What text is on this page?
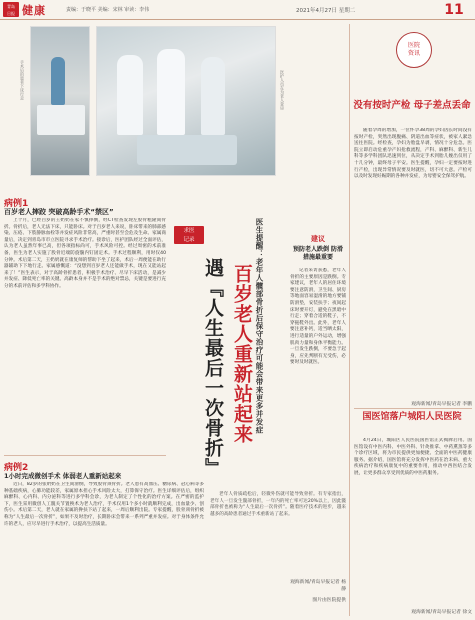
青岛
日报 健康	责编：于晓平 美编：宋林 审读：李伟	2021年4月27日 星期二	11
手术后的患者下床行走	医护人员在为老人查房
病例1
百岁老人摔跤 突破高龄手术“禁区”
上个月，已经百岁的王奶奶在家不慎摔倒，经CT检查发现左股骨粗隆间骨折。骨折后，老人无法下床，只能卧床。对于百岁老人来说，卧床带来的肺部感染、压疮、下肢静脉血栓等并发症风险非常高，严重时甚至会危及生命。家属商量后，决定到青岛市市立医院寻求手术治疗。接诊后，医护团队经过全面评估，认为老人虽然年事已高，但各项指标尚可，手术风险可控。经过周密的术前准备，医生为老人实施了股骨近端防旋髓内钉固定术。手术过程顺利，用时仅40分钟。术后第二天，王奶奶就在康复师的帮助下坐了起来，术后一周便能在助行器辅助下下地行走。家属感慨道：“没想到百岁老人还能做手术，现在又能站起来了！”医生表示，对于高龄骨折患者，积极手术治疗、尽早下床活动，是减少并发症、降低死亡率的关键。高龄本身并不是手术的绝对禁忌，关键是要进行充分的术前评估和多学科协作。
病例2
1小时完成微创手术 体弱老人重新站起来
近日，82岁的张奶奶在卫生间滑倒，导致股骨颈骨折。老人患有高血压、糖尿病、冠心病等多种基础疾病，心肺功能较差，家属原本担心手术风险太大，打算保守治疗。医生详细评估后，组织麻醉科、心内科、内分泌科等进行多学科会诊，为老人制定了个性化的治疗方案。在严密的监护下，医生采用微创人工髋关节置换术为老人治疗，手术仅用1个多小时就顺利完成，出血量少、创伤小。术后第二天，老人就在家属的搀扶下站了起来，一周后顺利出院。专家提醒，股骨颈骨折被称为“人生最后一次骨折”，如果不及时治疗，长期卧床会带来一系列严重并发症。对于身体条件允许的老人，应尽早进行手术治疗，以提高生活质量。
求医
记录	医生提醒：老年人髋部骨折后保守治疗可能会带来更多并发症
百岁老人重新站起来
遇『人生最后一次骨折』
老年人骨质疏松后，轻微外伤就可能导致骨折。有专家指出，老年人一旦发生髋部骨折，一年内的死亡率可达20%以上，因此髋部骨折也被称为“人生最后一次骨折”。随着医疗技术的进步，越来越多的高龄患者通过手术重新站了起来。
建议
预防老人跌倒 防滑措施最重要
记者采访获悉，老年人骨折的主要原因是跌倒。专家建议，老年人的居住环境要注意防滑，卫生间、厨房等地面容易湿滑的地方要铺防滑垫，安装扶手；夜间起床时要开灯，避免在黑暗中行走；穿着合适的鞋子，不穿拖鞋外出。此外，老年人要注意补钙，适当晒太阳，进行适量的户外运动，增强肌肉力量和身体平衡能力。一旦发生跌倒，不要急于起身，应先判断有无受伤，必要时及时就医。
观海新闻/青岛早报记者 杨静
图片由医院提供
医院
资讯
没有按时产检 母子差点丢命
随着孕周的增加，一位怀孕38周的孕妇因长时间没有按时产检，突然出现腹痛、阴道出血等症状，被家人紧急送往医院。经检查，孕妇为胎盘早剥，情况十分危急。医院立即启动危重孕产妇抢救流程，产科、麻醉科、新生儿科等多学科团队迅速到位，从决定手术到胎儿娩出仅用了十几分钟，最终母子平安。医生提醒，孕妇一定要按时进行产检，出现异常情况要及时就医，切不可大意。产检可以及时发现妊娠期的各种并发症，为母婴安全保驾护航。
观海新闻/青岛早报记者 李鹏
国医馆落户城阳人民医院
4月24日，城阳区人民医院国医馆正式揭牌启用。国医馆设有中医内科、中医外科、针灸推拿、中药熏蒸等多个诊疗区域，将为市民提供更加便捷、全面的中医药健康服务。据介绍，国医馆将充分发挥中医药在治未病、重大疾病治疗和疾病康复中的重要作用，推动中西医结合发展，让更多群众享受到优质的中医药服务。
观海新闻/青岛早报记者 徐文
